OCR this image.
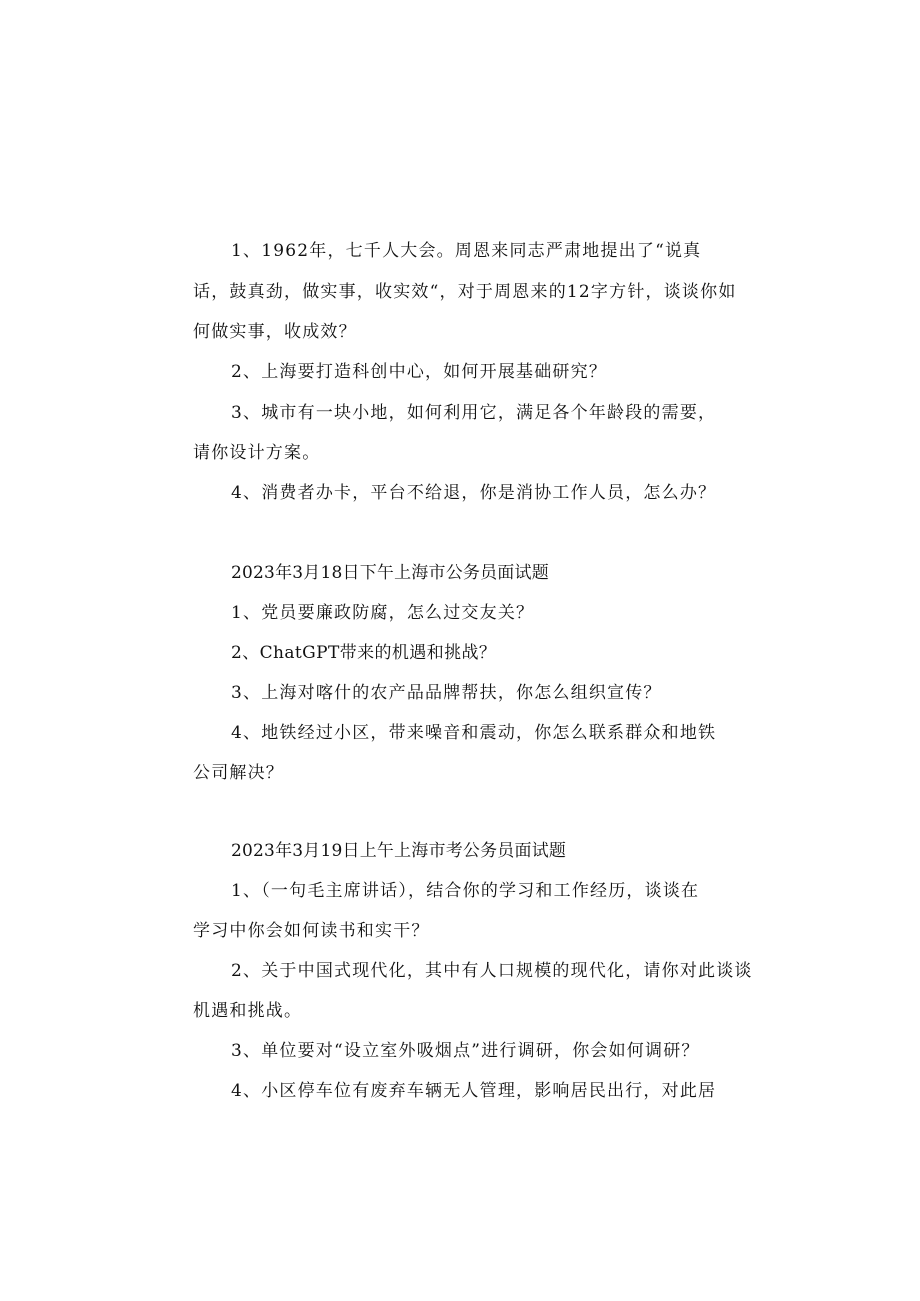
1、1962年，七千人大会。周恩来同志严肃地提出了“说真
话，鼓真劲，做实事，收实效“，对于周恩来的12字方针，谈谈你如
何做实事，收成效？
2、上海要打造科创中心，如何开展基础研究？
3、城市有一块小地，如何利用它，满足各个年龄段的需要，
请你设计方案。
4、消费者办卡，平台不给退，你是消协工作人员，怎么办？
2023年3月18日下午上海市公务员面试题
1、党员要廉政防腐，怎么过交友关？
2、ChatGPT带来的机遇和挑战？
3、上海对喀什的农产品品牌帮扶，你怎么组织宣传？
4、地铁经过小区，带来噪音和震动，你怎么联系群众和地铁
公司解决？
2023年3月19日上午上海市考公务员面试题
1、（一句毛主席讲话），结合你的学习和工作经历，谈谈在
学习中你会如何读书和实干？
2、关于中国式现代化，其中有人口规模的现代化，请你对此谈谈
机遇和挑战。
3、单位要对“设立室外吸烟点”进行调研，你会如何调研？
4、小区停车位有废弃车辆无人管理，影响居民出行，对此居
